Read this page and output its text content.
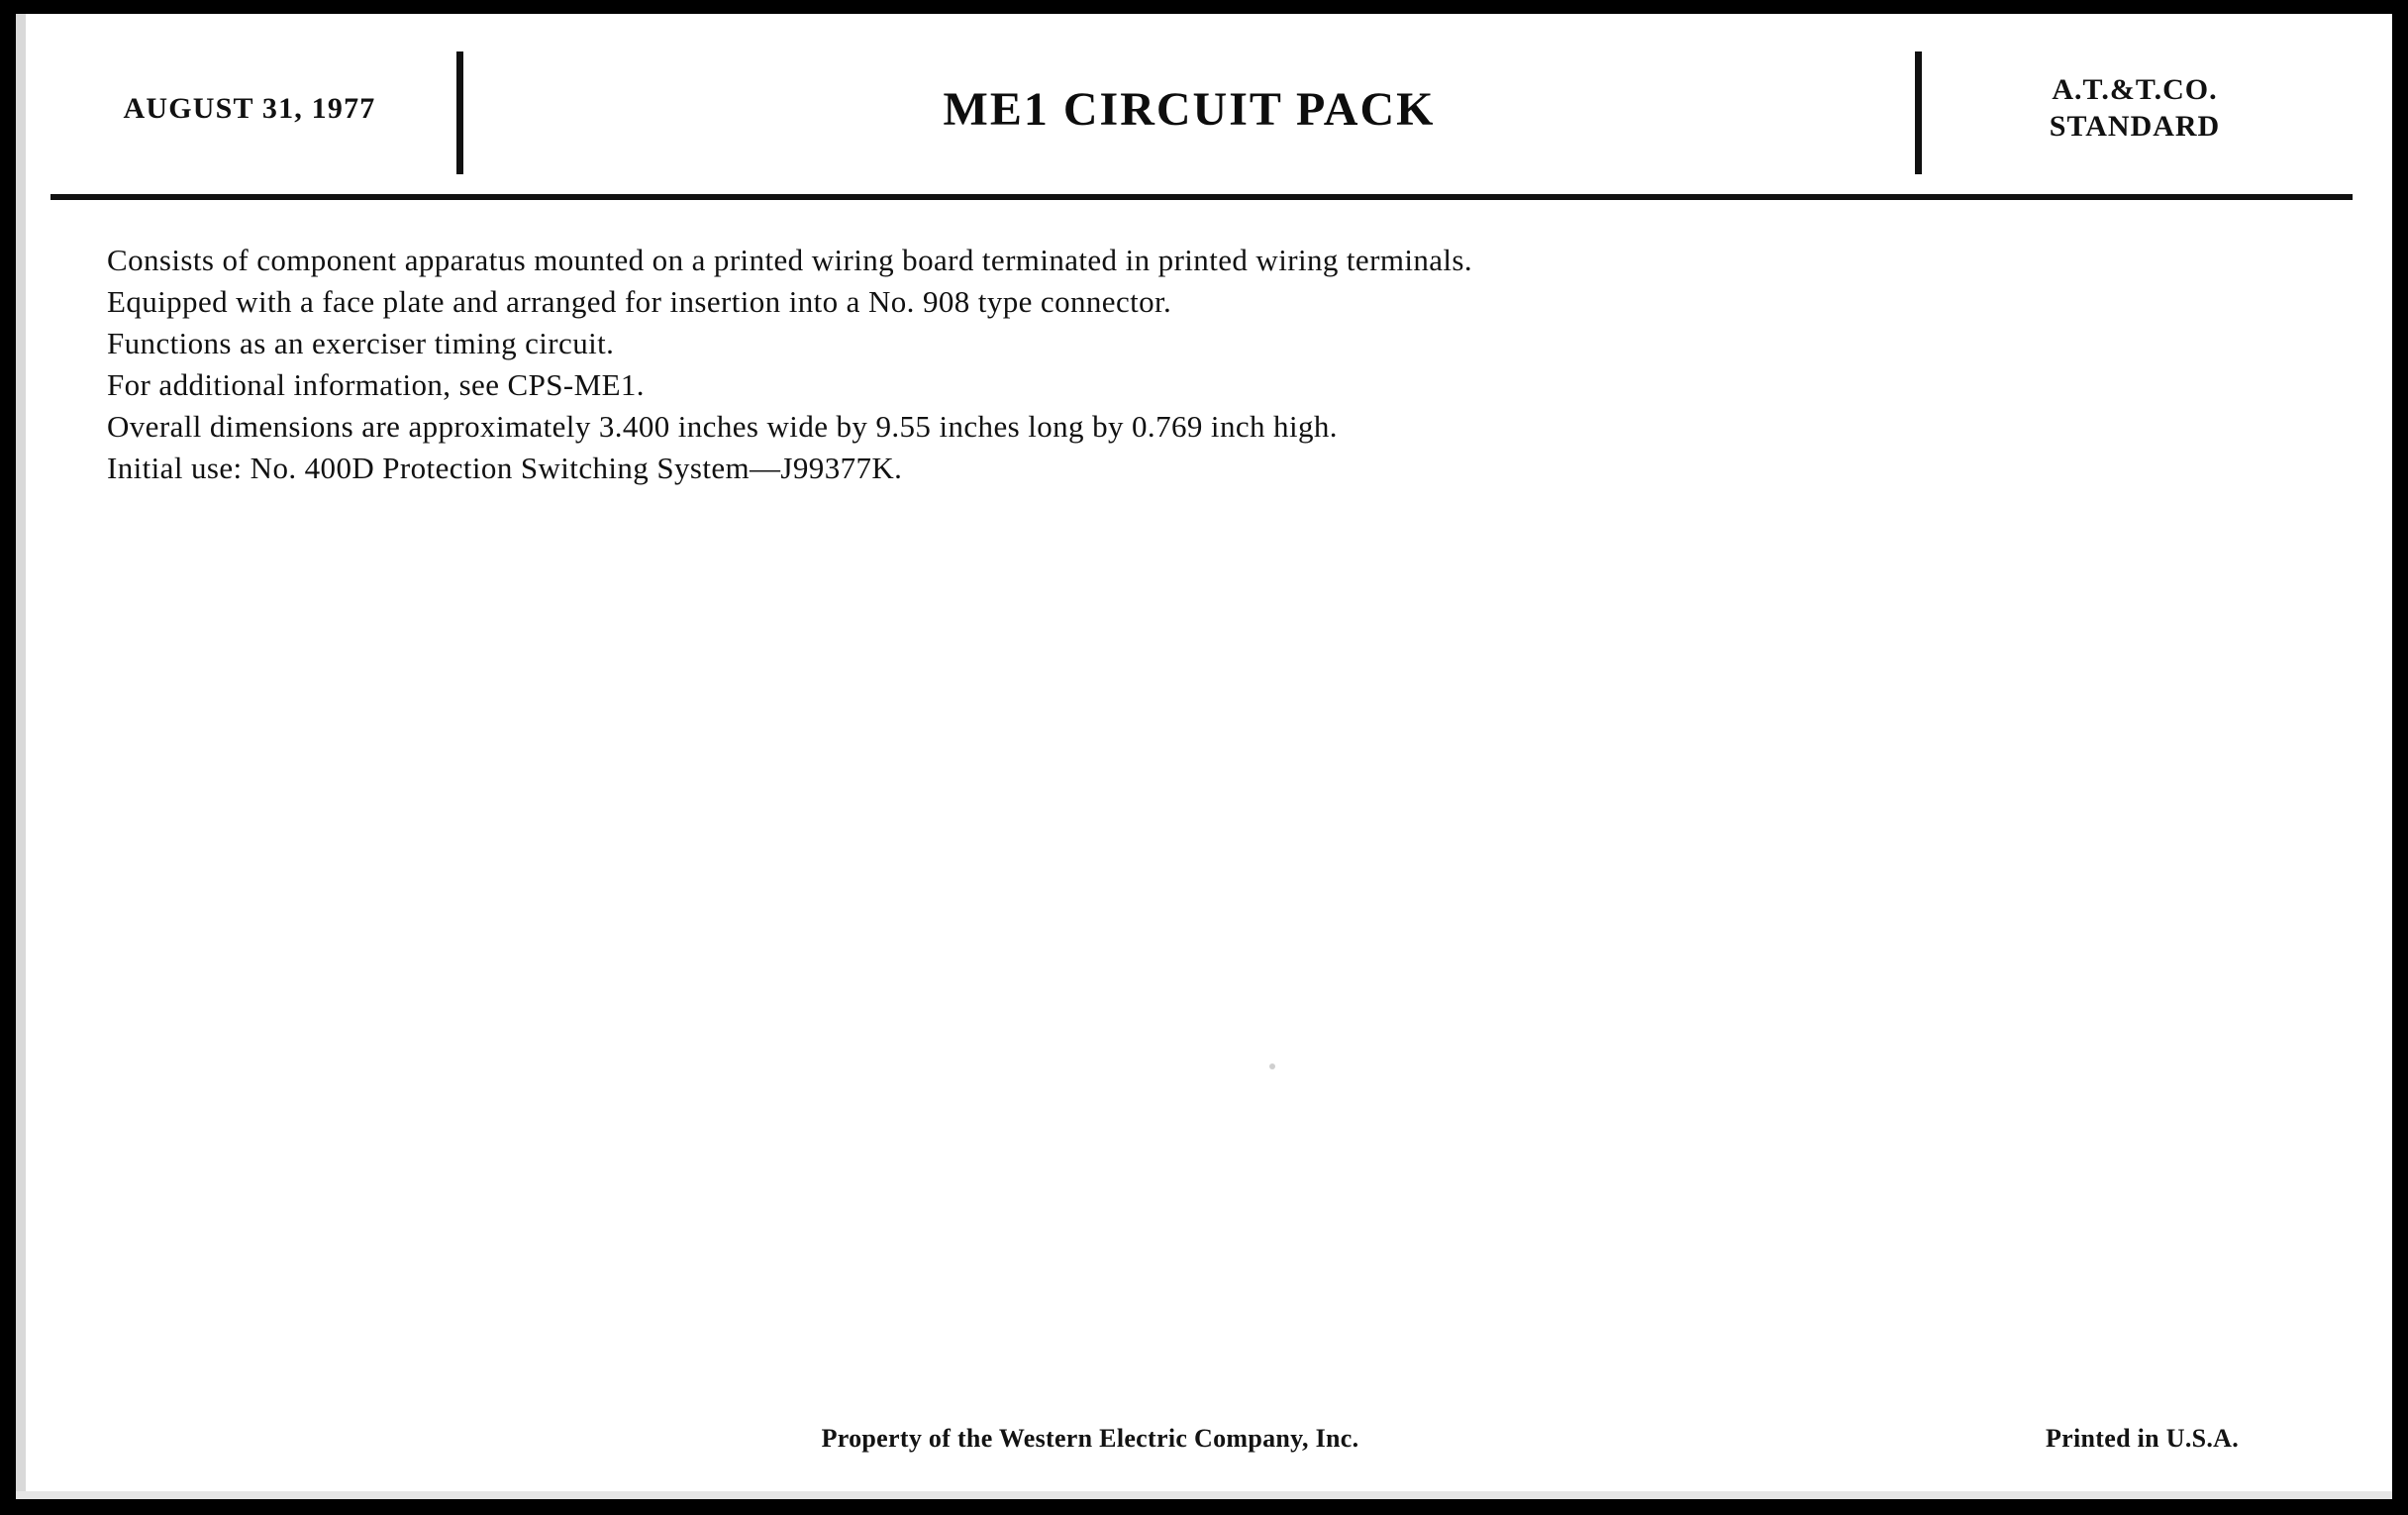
AUGUST 31, 1977	ME1 CIRCUIT PACK	A.T.&T.CO.
STANDARD
Consists of component apparatus mounted on a printed wiring board terminated in printed wiring terminals.
Equipped with a face plate and arranged for insertion into a No. 908 type connector.
Functions as an exerciser timing circuit.
For additional information, see CPS-ME1.
Overall dimensions are approximately 3.400 inches wide by 9.55 inches long by 0.769 inch high.
Initial use: No. 400D Protection Switching System—J99377K.
Property of the Western Electric Company, Inc.	Printed in U.S.A.
